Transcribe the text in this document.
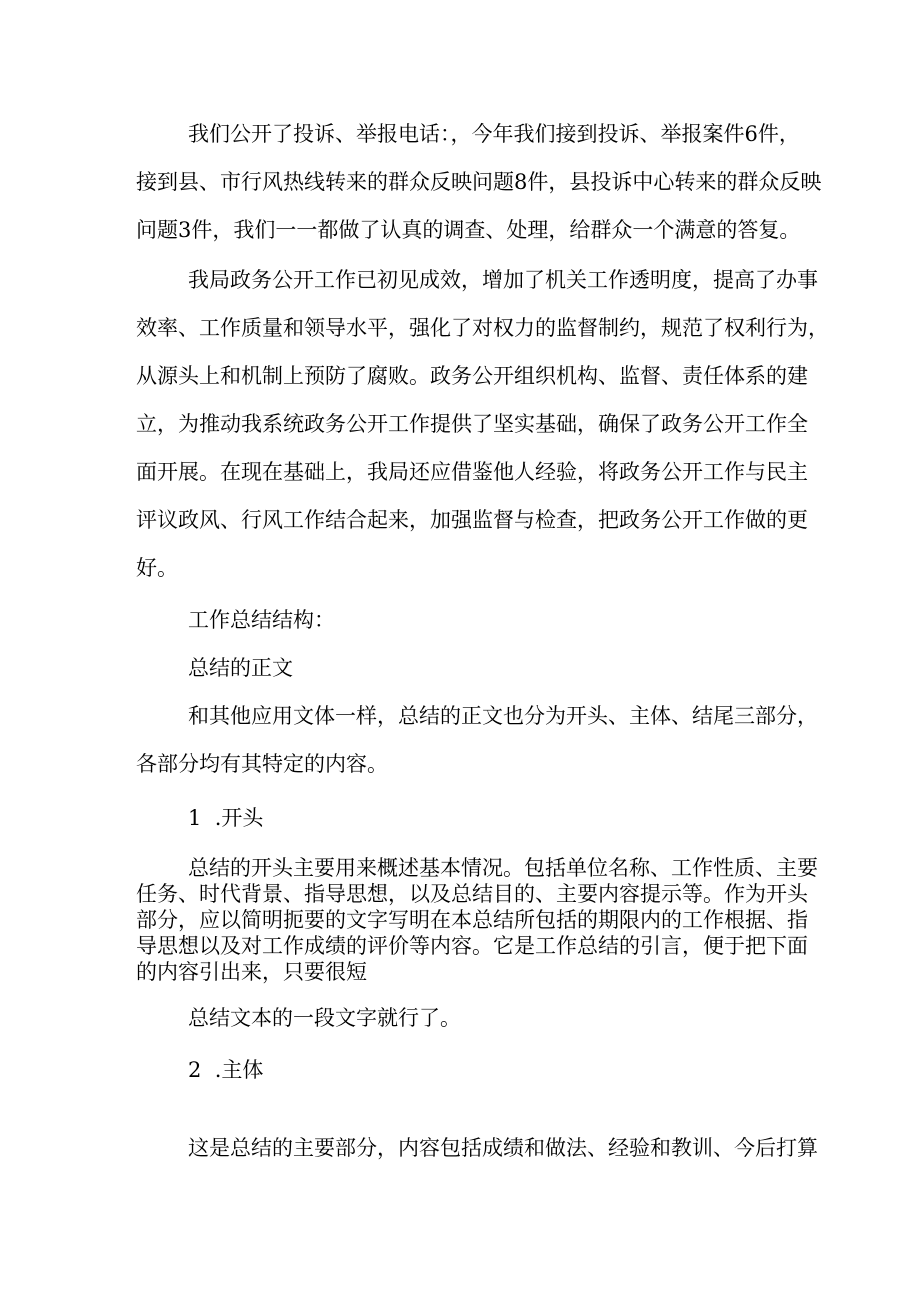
我们公开了投诉、举报电话：，今年我们接到投诉、举报案件6件，
接到县、市行风热线转来的群众反映问题8件，县投诉中心转来的群众反映
问题3件，我们一一都做了认真的调查、处理，给群众一个满意的答复。
我局政务公开工作已初见成效，增加了机关工作透明度，提高了办事
效率、工作质量和领导水平，强化了对权力的监督制约，规范了权利行为，
从源头上和机制上预防了腐败。政务公开组织机构、监督、责任体系的建
立，为推动我系统政务公开工作提供了坚实基础，确保了政务公开工作全
面开展。在现在基础上，我局还应借鉴他人经验，将政务公开工作与民主
评议政风、行风工作结合起来，加强监督与检查，把政务公开工作做的更
好。
工作总结结构：
总结的正文
和其他应用文体一样，总结的正文也分为开头、主体、结尾三部分，
各部分均有其特定的内容。
1  .开头
总结的开头主要用来概述基本情况。包括单位名称、工作性质、主要
任务、时代背景、指导思想，以及总结目的、主要内容提示等。作为开头
部分，应以简明扼要的文字写明在本总结所包括的期限内的工作根据、指
导思想以及对工作成绩的评价等内容。它是工作总结的引言，便于把下面
的内容引出来，只要很短
总结文本的一段文字就行了。
2  .主体
这是总结的主要部分，内容包括成绩和做法、经验和教训、今后打算
